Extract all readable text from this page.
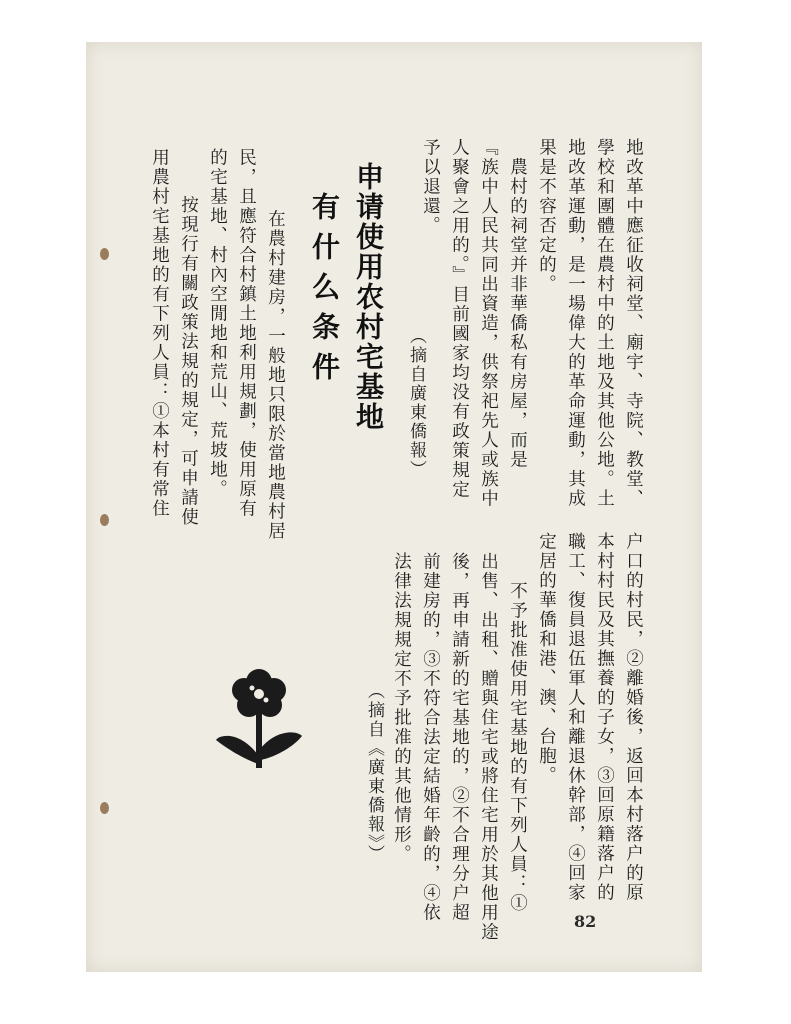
地改革中應征收祠堂、廟宇、寺院、教堂、
學校和團體在農村中的土地及其他公地。土
地改革運動，是一場偉大的革命運動，其成
果是不容否定的。
　農村的祠堂并非華僑私有房屋，而是
『族中人民共同出資造，供祭祀先人或族中
人聚會之用的。』目前國家均没有政策規定
予以退還。
（摘自廣東僑報）
申请使用农村宅基地
有什么条件
　在農村建房，一般地只限於當地農村居
民，且應符合村鎮土地利用規劃，使用原有
的宅基地、村內空閒地和荒山、荒坡地。
　按現行有關政策法規的規定，可申請使
用農村宅基地的有下列人員：①本村有常住
户口的村民，②離婚後，返回本村落户的原
本村村民及其撫養的子女，③回原籍落户的
職工、復員退伍軍人和離退休幹部，④回家
定居的華僑和港、澳、台胞。
　不予批准使用宅基地的有下列人員：①
出售、出租、贈與住宅或將住宅用於其他用途
後，再申請新的宅基地的，②不合理分户超
前建房的，③不符合法定結婚年齡的，④依
法律法規規定不予批准的其他情形。
（摘自《廣東僑報》）
82
